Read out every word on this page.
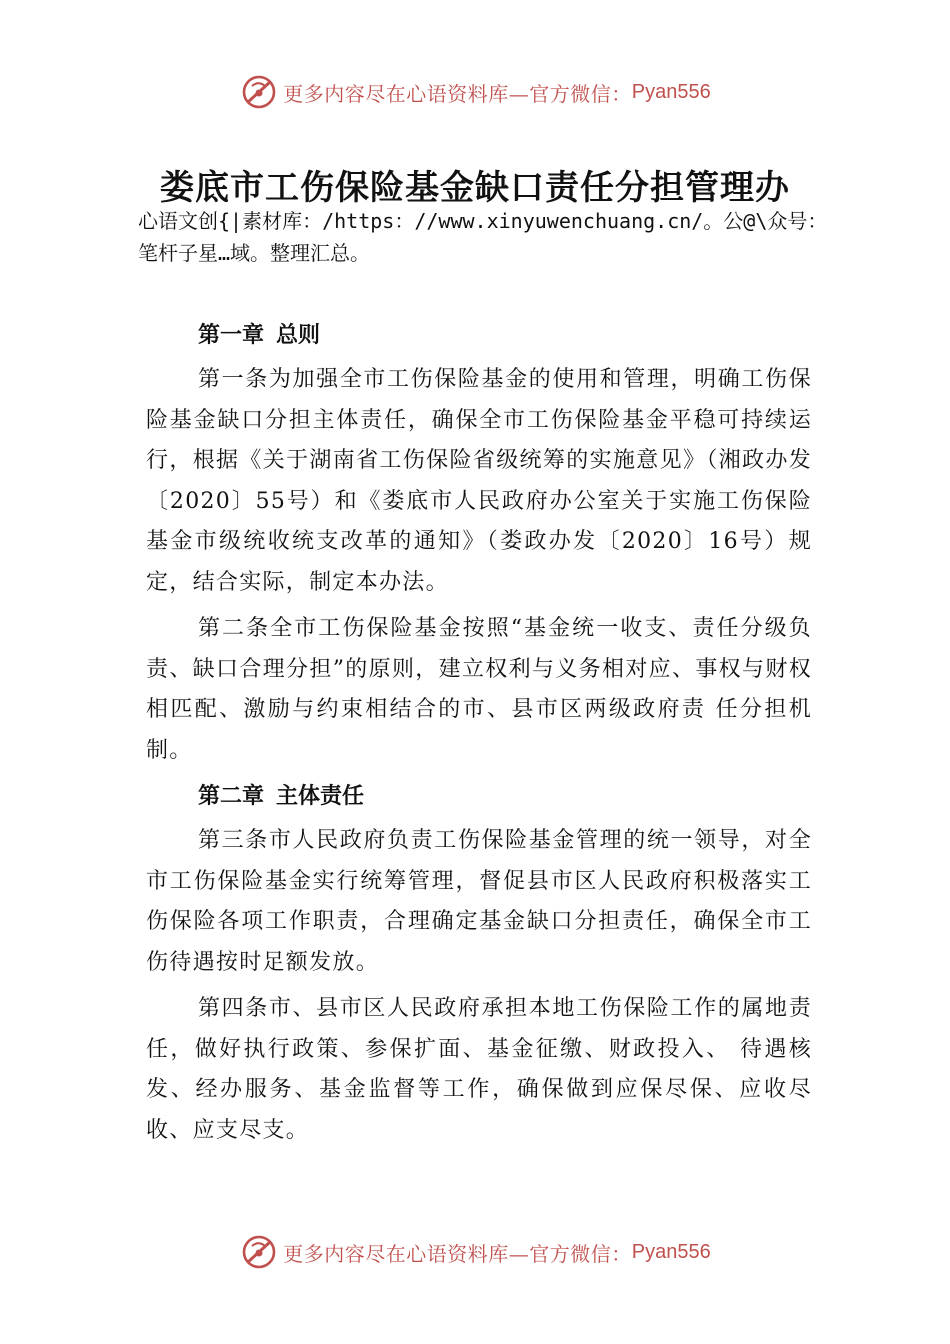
更多内容尽在心语资料库—官方微信： Pyan556
娄底市工伤保险基金缺口责任分担管理办

心语文创{|素材库：/https：//www.xinyuwenchuang.cn/。公@\众号：笔杆子星…域。整理汇总。

第一章 总则

第一条为加强全市工伤保险基金的使用和管理，明确工伤保险基金缺口分担主体责任，确保全市工伤保险基金平稳可持续运行，根据《关于湖南省工伤保险省级统筹的实施意见》（湘政办发〔2020〕55号）和《娄底市人民政府办公室关于实施工伤保险基金市级统收统支改革的通知》（娄政办发〔2020〕16号）规定，结合实际，制定本办法。

第二条全市工伤保险基金按照“基金统一收支、责任分级负责、缺口合理分担”的原则，建立权利与义务相对应、事权与财权相匹配、激励与约束相结合的市、县市区两级政府责 任分担机制。

第二章 主体责任

第三条市人民政府负责工伤保险基金管理的统一领导，对全市工伤保险基金实行统筹管理，督促县市区人民政府积极落实工伤保险各项工作职责，合理确定基金缺口分担责任，确保全市工伤待遇按时足额发放。

第四条市、县市区人民政府承担本地工伤保险工作的属地责任，做好执行政策、参保扩面、基金征缴、财政投入、 待遇核发、经办服务、基金监督等工作，确保做到应保尽保、应收尽收、应支尽支。

更多内容尽在心语资料库—官方微信： Pyan556
